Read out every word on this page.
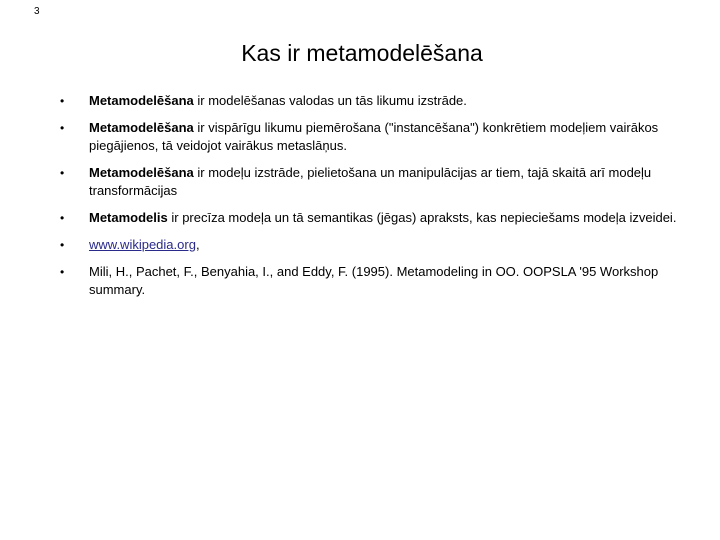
3
Kas ir metamodelēšana
• Metamodelēšana ir modelēšanas valodas un tās likumu izstrāde.
• Metamodelēšana ir vispārīgu likumu piemērošana ("instancēšana") konkrētiem modeļiem vairākos piegājienos, tā veidojot vairākus metaslāņus.
• Metamodelēšana ir modeļu izstrāde, pielietošana un manipulācijas ar tiem, tajā skaitā arī modeļu transformācijas
• Metamodelis ir precīza modeļa un tā semantikas (jēgas) apraksts, kas nepieciešams modeļa izveidei.
• www.wikipedia.org,
• Mili, H., Pachet, F., Benyahia, I., and Eddy, F. (1995). Metamodeling in OO. OOPSLA '95 Workshop summary.
